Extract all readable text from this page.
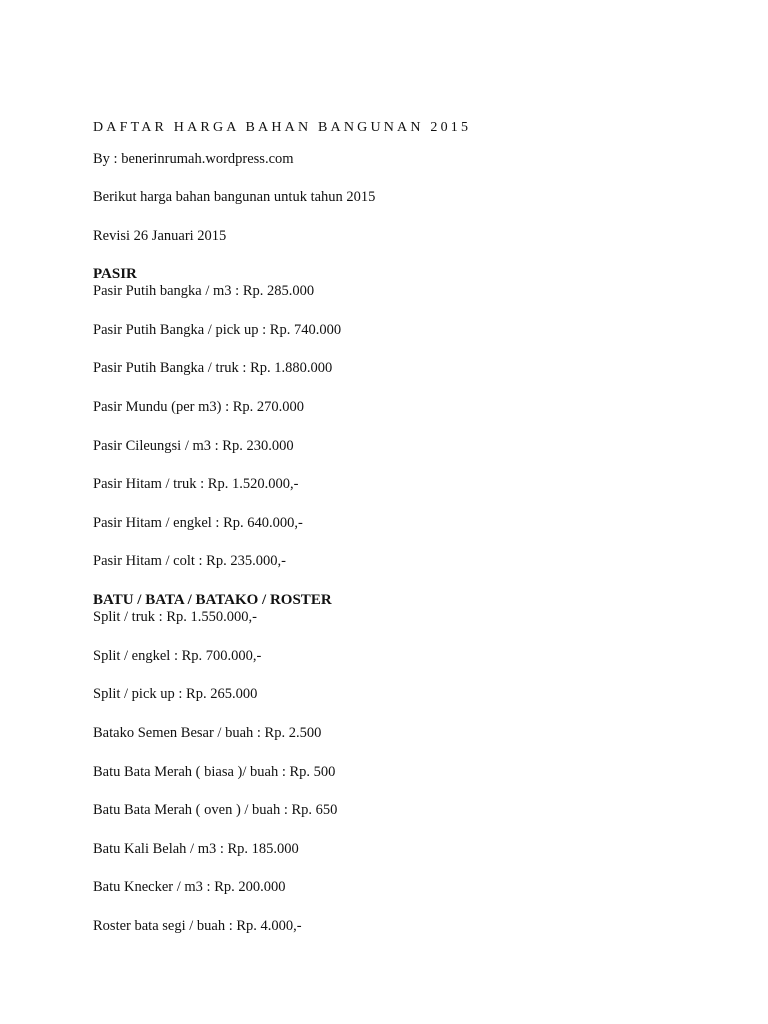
DAFTAR HARGA BAHAN BANGUNAN 2015
By : benerinrumah.wordpress.com
Berikut harga bahan bangunan untuk tahun 2015
Revisi 26 Januari 2015
PASIR
Pasir Putih bangka / m3 : Rp. 285.000
Pasir Putih Bangka / pick up : Rp. 740.000
Pasir Putih Bangka / truk : Rp. 1.880.000
Pasir Mundu (per m3) : Rp. 270.000
Pasir Cileungsi / m3 : Rp. 230.000
Pasir Hitam / truk : Rp. 1.520.000,-
Pasir Hitam / engkel : Rp. 640.000,-
Pasir Hitam / colt : Rp. 235.000,-
BATU / BATA / BATAKO / ROSTER
Split / truk : Rp. 1.550.000,-
Split / engkel : Rp. 700.000,-
Split / pick up : Rp. 265.000
Batako Semen Besar / buah : Rp. 2.500
Batu Bata Merah ( biasa )/ buah : Rp. 500
Batu Bata Merah ( oven ) / buah : Rp. 650
Batu Kali Belah / m3 : Rp. 185.000
Batu Knecker / m3 : Rp. 200.000
Roster bata segi / buah : Rp. 4.000,-
